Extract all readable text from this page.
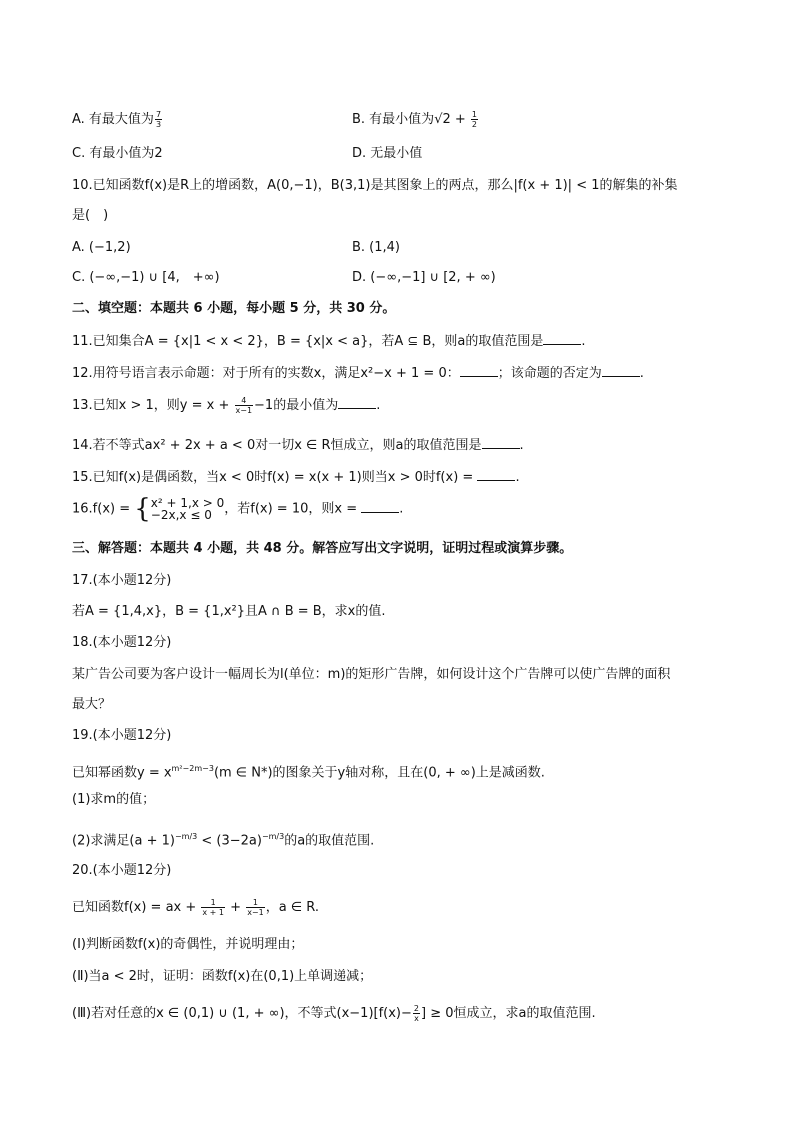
A. 有最大值为 $\frac{7}{3}$	B. 有最小值为$√2 + \frac{1}{2}$
C. 有最小值为2	D. 无最小值
10.已知函数f(x)是R上的增函数，A(0,−1)，B(3,1)是其图象上的两点，那么|f(x + 1)| < 1的解集的补集
是(　)
A. (−1,2)	B. (1,4)
C. (−∞,−1) ∪ [4,　+∞)	D. (−∞,−1] ∪ [2, + ∞)
二、填空题：本题共 6 小题，每小题 5 分，共 30 分。
11.已知集合A = {x|1 < x < 2}，B = {x|x < a}，若A ⊆ B，则a的取值范围是	.
12.用符号语言表示命题：对于所有的实数x，满足x²−x + 1 = 0：	；该命题的否定为	.
13.已知x > 1，则$y = x + \frac{4}{x-1} -1$的最小值为	.
14.若不等式ax² + 2x + a < 0对一切x ∈ R恒成立，则a的取值范围是	.
15.已知f(x)是偶函数，当x < 0时f(x) = x(x + 1)则当x > 0时f(x) =	.
16.f(x) = { x² + 1,x > 0
−2x,x ≤ 0 ，若f(x) = 10，则x =	.
三、解答题：本题共 4 小题，共 48 分。解答应写出文字说明，证明过程或演算步骤。
17.(本小题12分)
若A = {1,4,x}，B = {1,x²}且A ∩ B = B，求x的值.
18.(本小题12分)
某广告公司要为客户设计一幅周长为l(单位：m)的矩形广告牌，如何设计这个广告牌可以使广告牌的面积
最大？
19.(本小题12分)
已知幂函数$y = x^{m^2-2m-3}(m$ ∈ N*)的图象关于y轴对称，且在(0, + ∞)上是减函数.
(1)求m的值；
(2)求满足$(a + 1)^{-m/3} < (3-2a)^{-m/3}$的a的取值范围.
20.(本小题12分)
已知函数f(x) = ax + $\frac{1}{x + 1} + \frac{1}{x-1}$ ，a ∈ R.
(Ⅰ)判断函数f(x)的奇偶性，并说明理由；
(Ⅱ)当a < 2时，证明：函数f(x)在(0,1)上单调递减；
(Ⅲ)若对任意的x ∈ (0,1) ∪ (1, + ∞)，不等式$(x-1)[f(x)- \frac{2}{x}$ ] ≥ 0恒成立，求a的取值范围.
